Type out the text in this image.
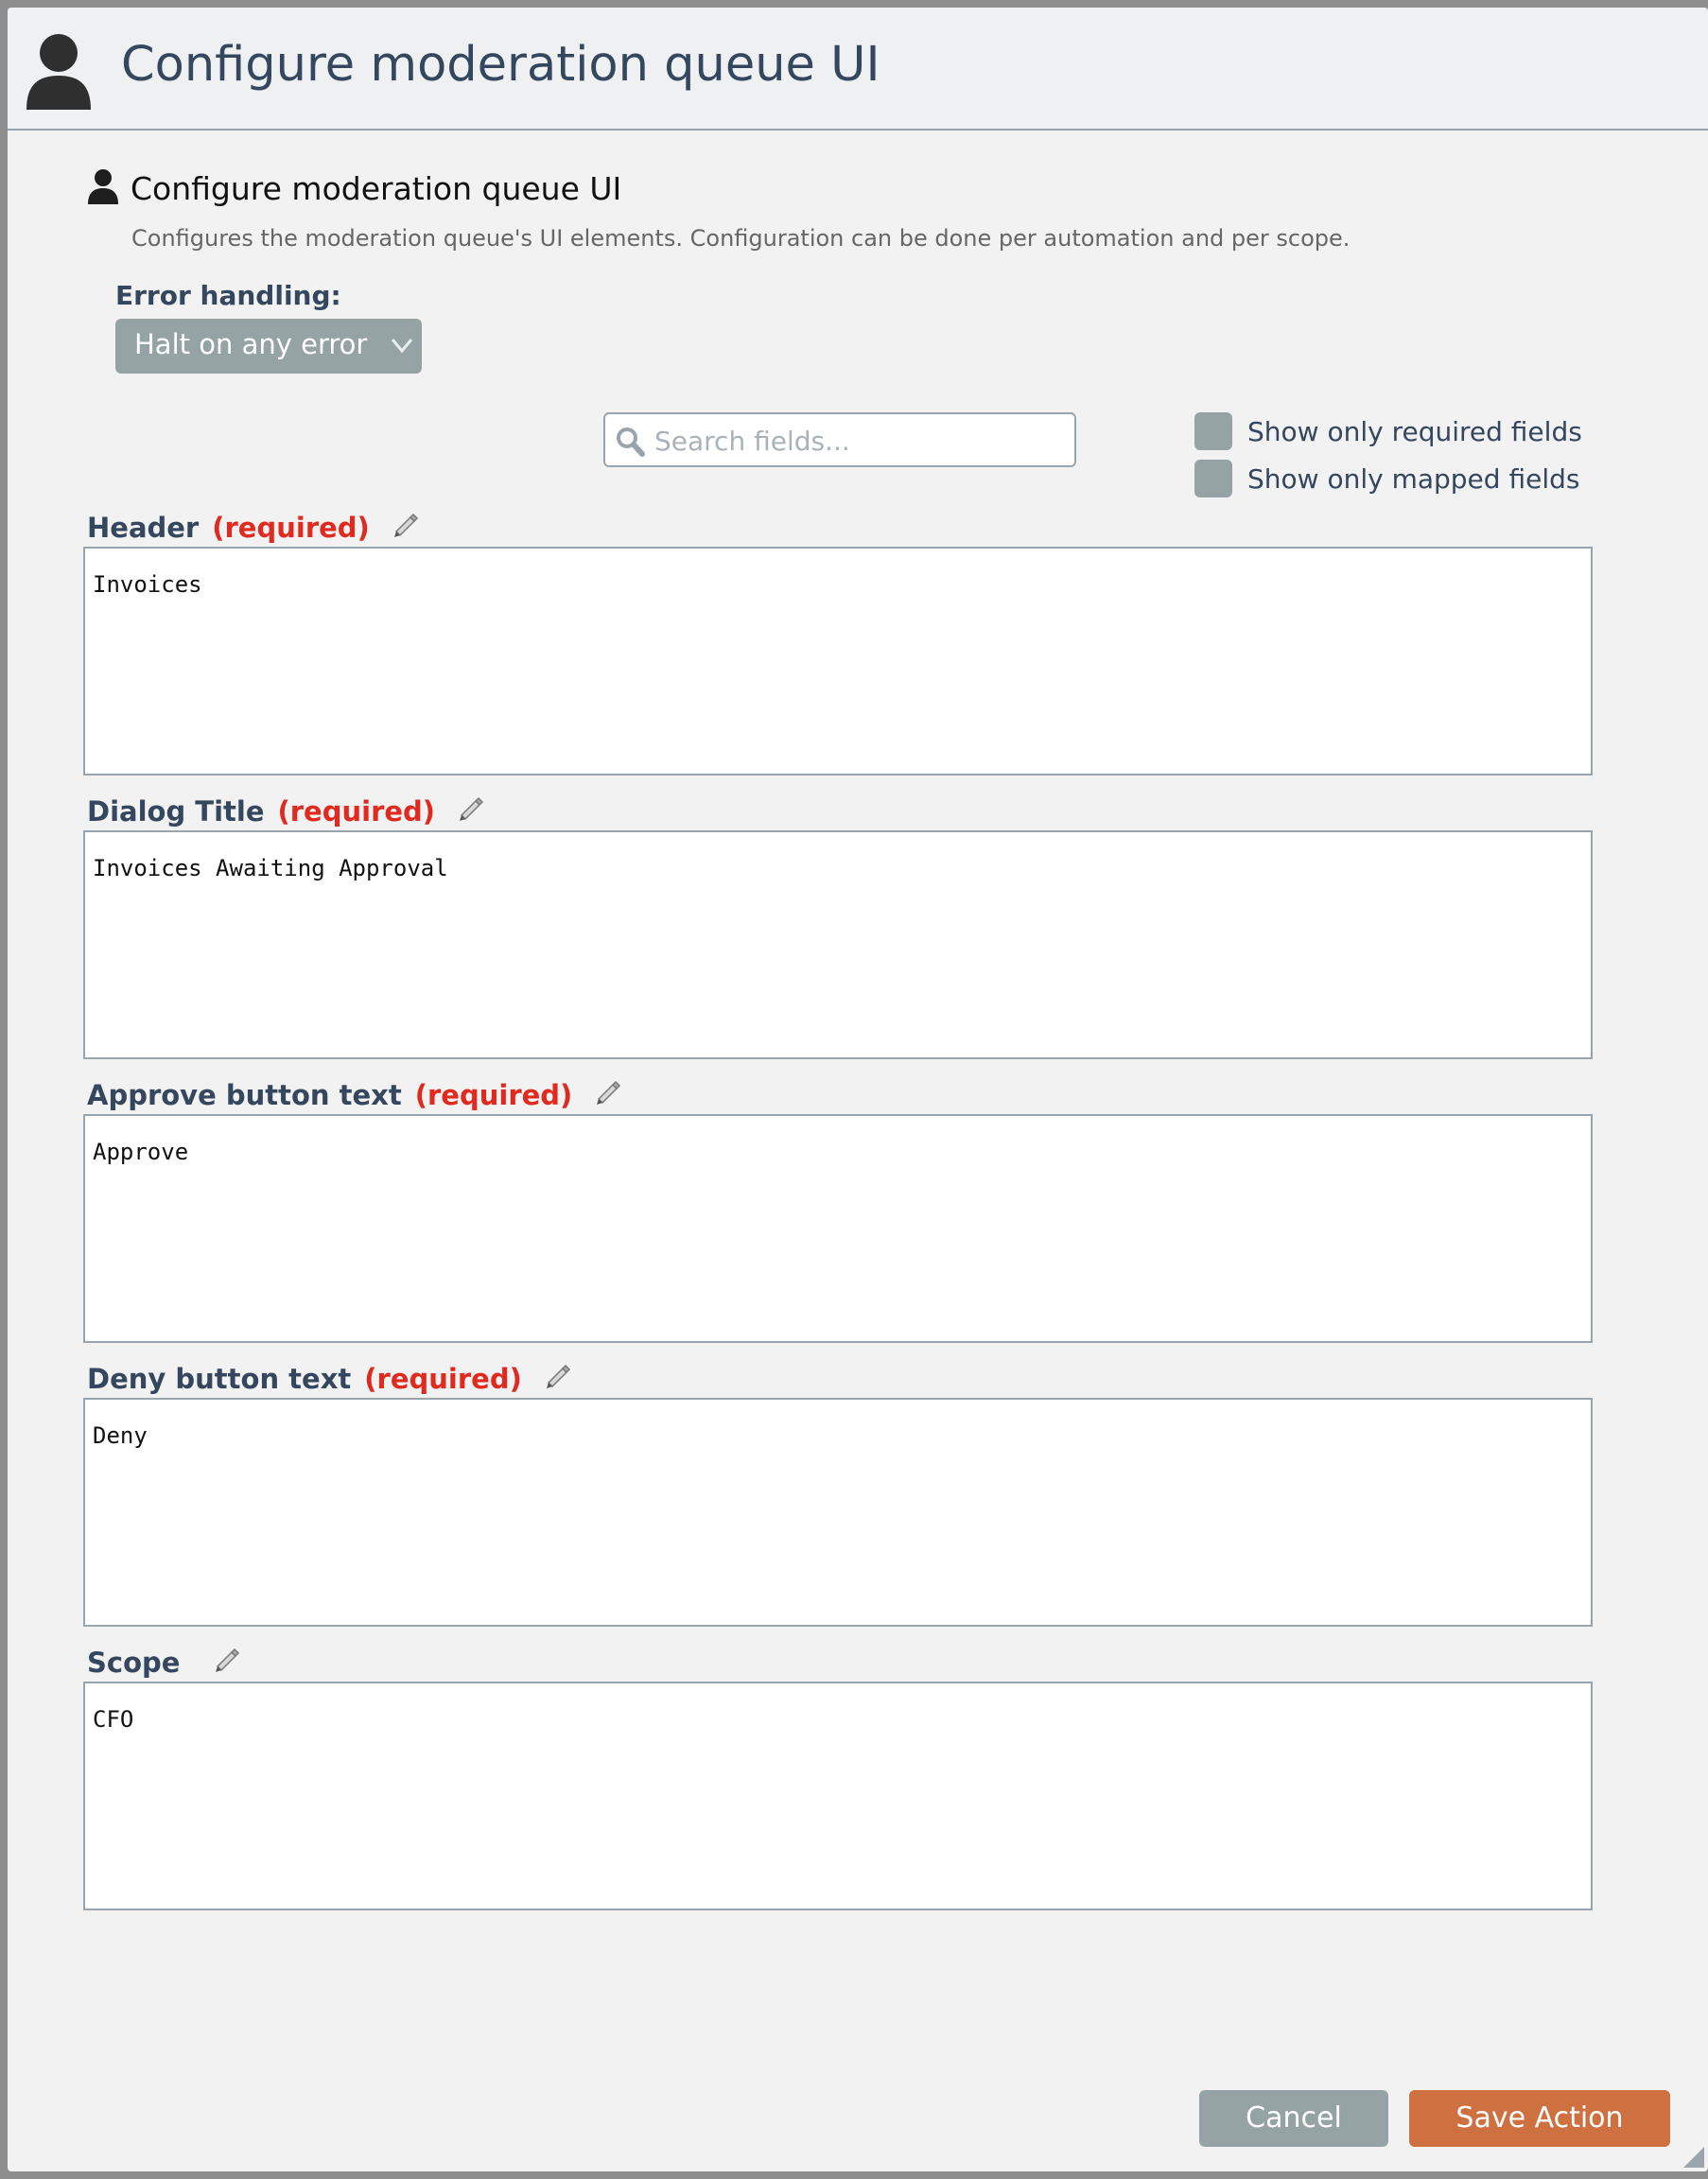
Configure moderation queue UI
Configure moderation queue UI
Configures the moderation queue's UI elements. Configuration can be done per automation and per scope.
Error handling:
Halt on any error
Search fields...
Show only required fields
Show only mapped fields
Header (required)
Invoices
Dialog Title (required)
Invoices Awaiting Approval
Approve button text (required)
Approve
Deny button text (required)
Deny
Scope
CFO
Cancel	Save Action
